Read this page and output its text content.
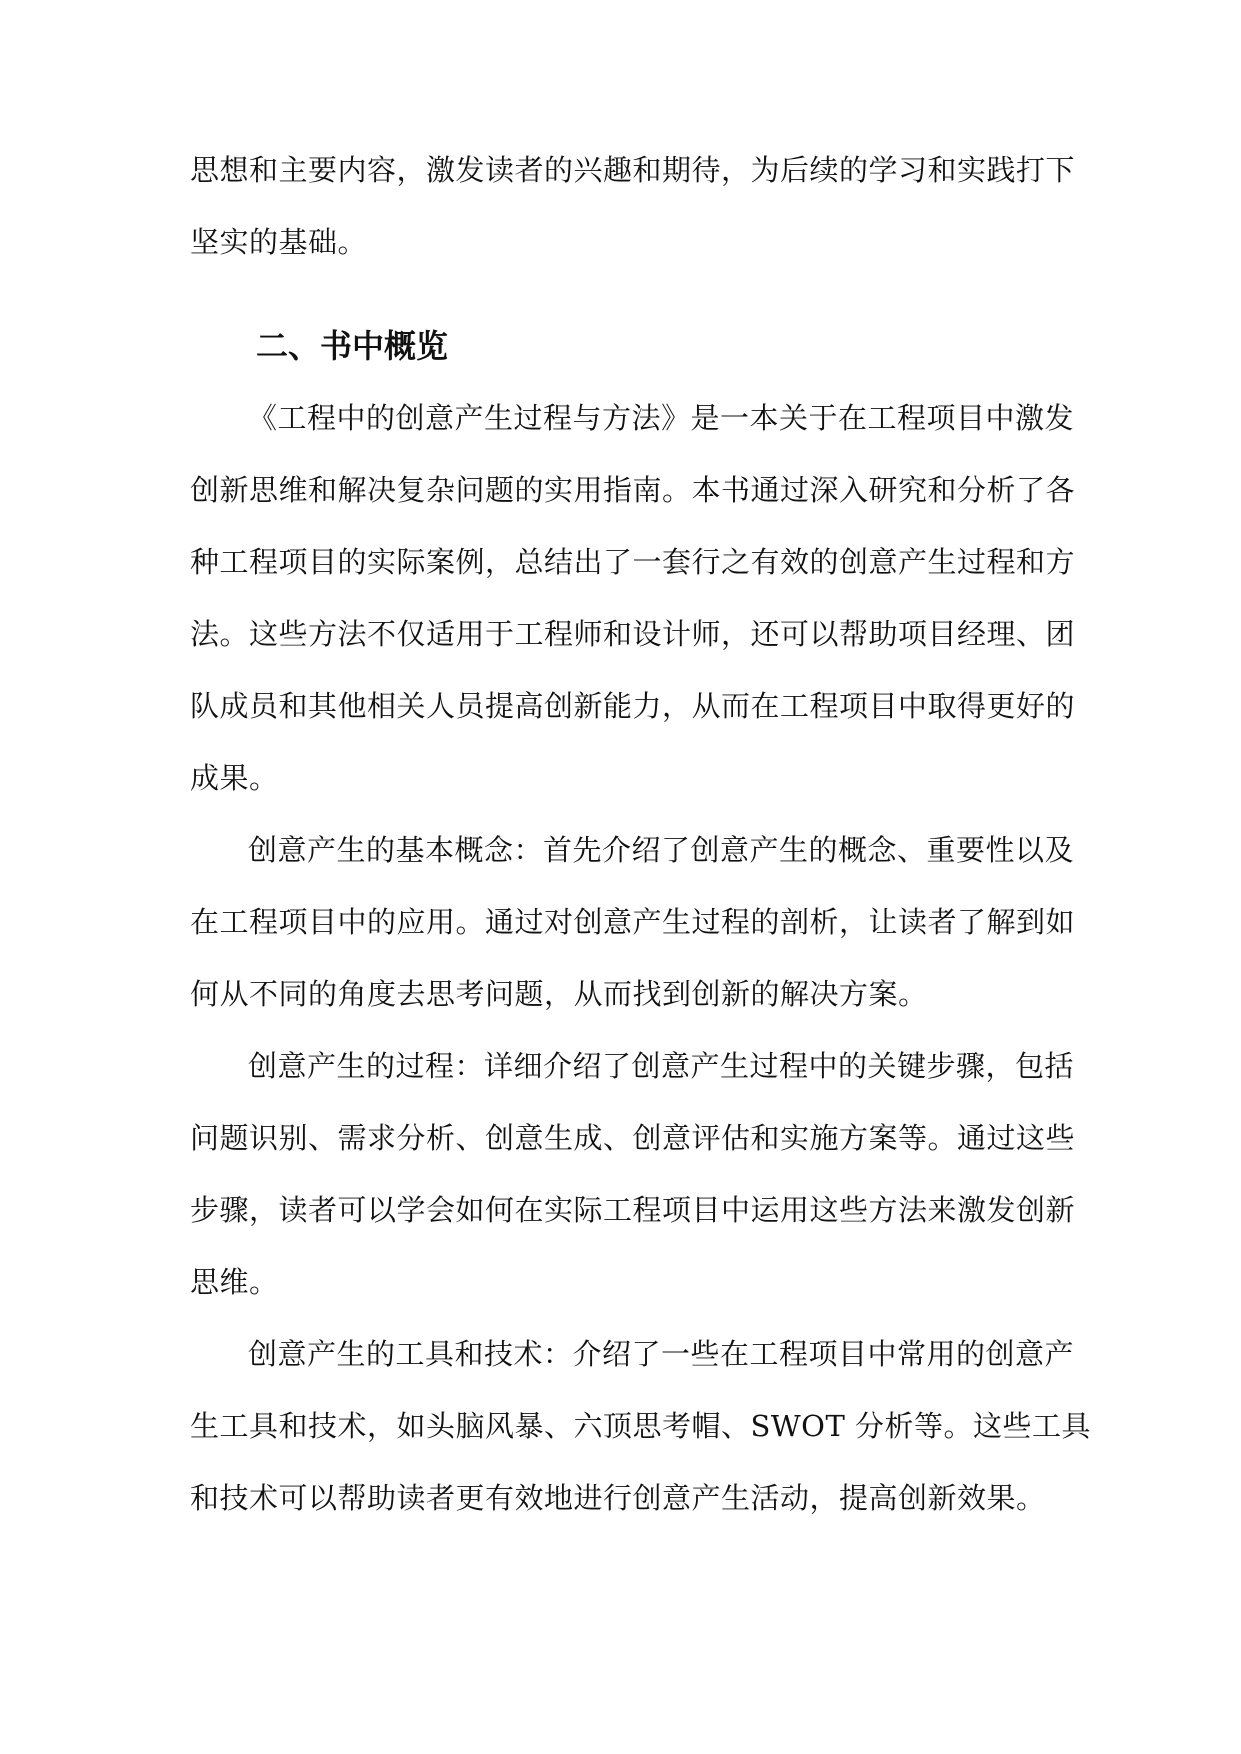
思想和主要内容，激发读者的兴趣和期待，为后续的学习和实践打下
坚实的基础。
二、书中概览
《工程中的创意产生过程与方法》是一本关于在工程项目中激发
创新思维和解决复杂问题的实用指南。本书通过深入研究和分析了各
种工程项目的实际案例，总结出了一套行之有效的创意产生过程和方
法。这些方法不仅适用于工程师和设计师，还可以帮助项目经理、团
队成员和其他相关人员提高创新能力，从而在工程项目中取得更好的
成果。
创意产生的基本概念：首先介绍了创意产生的概念、重要性以及
在工程项目中的应用。通过对创意产生过程的剖析，让读者了解到如
何从不同的角度去思考问题，从而找到创新的解决方案。
创意产生的过程：详细介绍了创意产生过程中的关键步骤，包括
问题识别、需求分析、创意生成、创意评估和实施方案等。通过这些
步骤，读者可以学会如何在实际工程项目中运用这些方法来激发创新
思维。
创意产生的工具和技术：介绍了一些在工程项目中常用的创意产
生工具和技术，如头脑风暴、六顶思考帽、SWOT 分析等。这些工具
和技术可以帮助读者更有效地进行创意产生活动，提高创新效果。
